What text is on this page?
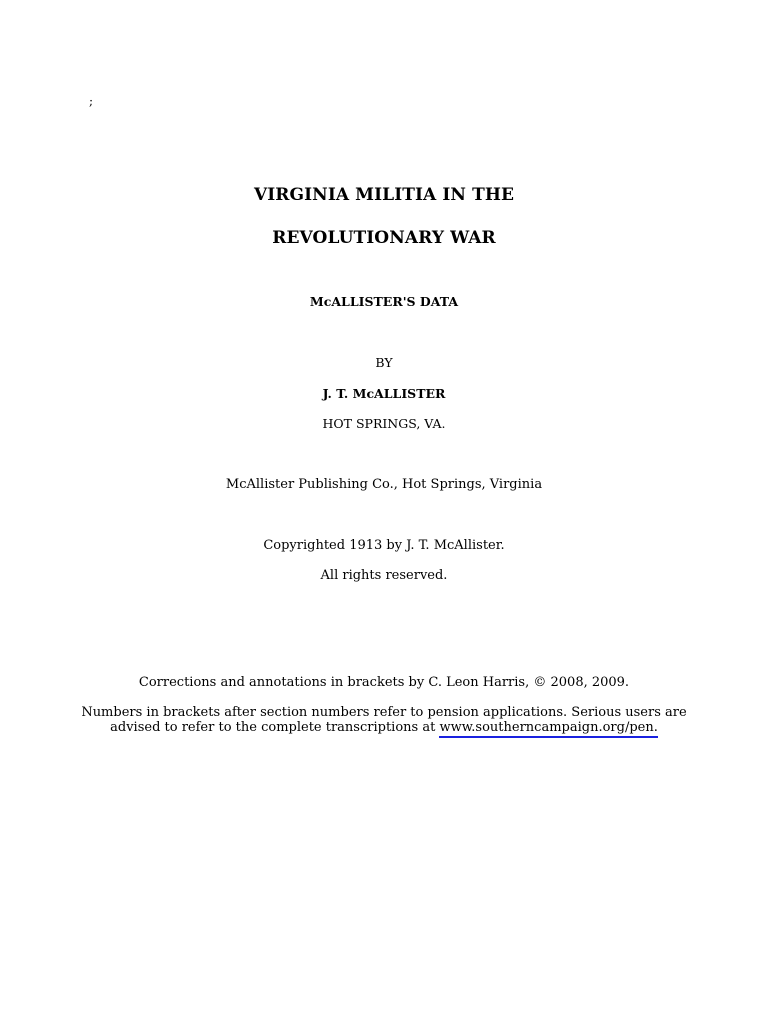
;
VIRGINIA MILITIA IN THE
REVOLUTIONARY WAR
McALLISTER'S DATA
BY
J. T. McALLISTER
HOT SPRINGS, VA.
McAllister Publishing Co., Hot Springs, Virginia
Copyrighted 1913 by J. T. McAllister.
All rights reserved.
Corrections and annotations in brackets by C. Leon Harris, © 2008, 2009.
Numbers in brackets after section numbers refer to pension applications. Serious users are
advised to refer to the complete transcriptions at www.southerncampaign.org/pen.
